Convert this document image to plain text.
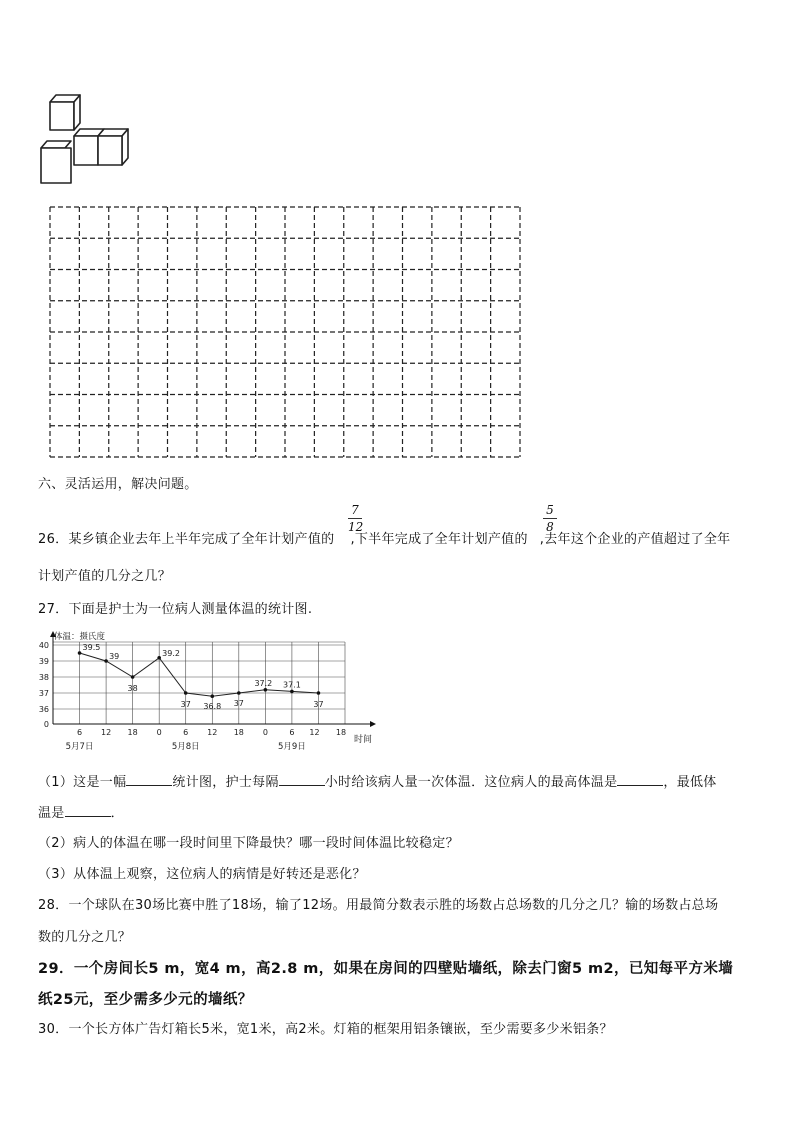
六、灵活运用，解决问题。
26．某乡镇企业去年上半年完成了全年计划产值的 ,下半年完成了全年计划产值的 ,去年这个企业的产值超过了全年
7
12
5
8
计划产值的几分之几？
27．下面是护士为一位病人测量体温的统计图.
40
39
38
37
36
0
6 12 18 0	6 12 18 0	6 12 18
5月7日	5月8日	5月9日
39.5
39
38
39.2
37 36.8 37
37.2 37.1
37
体温：摄氏度
时间
（1）这是一幅	统计图，护士每隔	小时给该病人量一次体温．这位病人的最高体温是	，最低体
温是	．
（2）病人的体温在哪一段时间里下降最快？哪一段时间体温比较稳定？
（3）从体温上观察，这位病人的病情是好转还是恶化？
28．一个球队在30场比赛中胜了18场，输了12场。用最简分数表示胜的场数占总场数的几分之几？输的场数占总场
数的几分之几？
29．一个房间长5 m，宽4 m，高2.8 m，如果在房间的四壁贴墙纸，除去门窗5 m2，已知每平方米墙
纸25元，至少需多少元的墙纸？
30．一个长方体广告灯箱长5米，宽1米，高2米。灯箱的框架用铝条镶嵌，至少需要多少米铝条？
